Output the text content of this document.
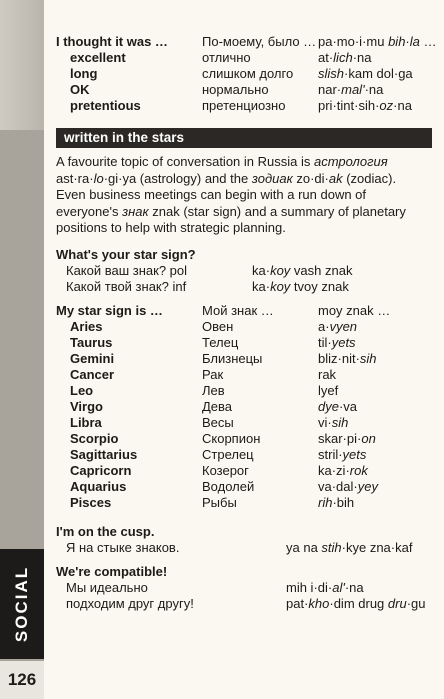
SOCIAL
126
I thought it was …	По-моему, было … pa·mo·i·mu bih·la …
excellent	отлично	at·lich·na
long	слишком долго slish·kam dol·ga
OK	нормально	nar·mal'·na
pretentious	претенциозно	pri·tint·sih·oz·na
written in the stars
A favourite topic of conversation in Russia is астрология ast·ra·lo·gi·ya (astrology) and the зодиак zo·di·ak (zodiac). Even business meetings can begin with a run down of everyone's знак znak (star sign) and a summary of planetary positions to help with strategic planning.
What's your star sign?
Какой ваш знак? pol	ka·koy vash znak
Какой твой знак? inf	ka·koy tvoy znak
My star sign is …	Мой знак …	moy znak …
Aries	Овен	a·vyen
Taurus	Телец	til·yets
Gemini	Близнецы	bliz·nit·sih
Cancer	Рак	rak
Leo	Лев	lyef
Virgo	Дева	dye·va
Libra	Весы	vi·sih
Scorpio	Скорпион	skar·pi·on
Sagittarius	Стрелец	stril·yets
Capricorn	Козерог	ka·zi·rok
Aquarius	Водолей	va·dal·yey
Pisces	Рыбы	rih·bih
I'm on the cusp.
Я на стыке знаков.	ya na stih·kye zna·kaf
We're compatible!
Мы идеально	mih i·di·al'·na
подходим друг другу!	pat·kho·dim drug dru·gu
